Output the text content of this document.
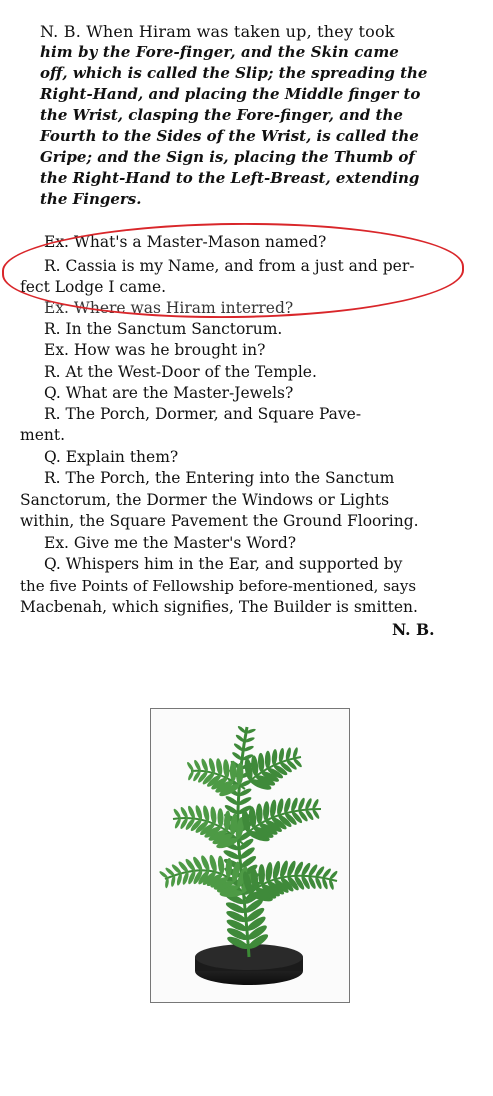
N. B. When Hiram was taken up, they took
him by the Fore-finger, and the Skin came
off, which is called the Slip; the spreading the
Right-Hand, and placing the Middle finger to
the Wrist, clasping the Fore-finger, and the
Fourth to the Sides of the Wrist, is called the
Gripe; and the Sign is, placing the Thumb of
the Right-Hand to the Left-Breast, extending
the Fingers.
Ex. What's a Master-Mason named?
R. Cassia is my Name, and from a just and per-
fect Lodge I came.
Ex. Where was Hiram interred?
R. In the Sanctum Sanctorum.
Ex. How was he brought in?
R. At the West-Door of the Temple.
Q. What are the Master-Jewels?
R. The Porch, Dormer, and Square Pave-
ment.
Q. Explain them?
R. The Porch, the Entering into the Sanctum
Sanctorum, the Dormer the Windows or Lights
within, the Square Pavement the Ground Flooring.
Ex. Give me the Master's Word?
Q. Whispers him in the Ear, and supported by
the five Points of Fellowship before-mentioned, says
Macbenah, which signifies, The Builder is smitten.
N. B.
